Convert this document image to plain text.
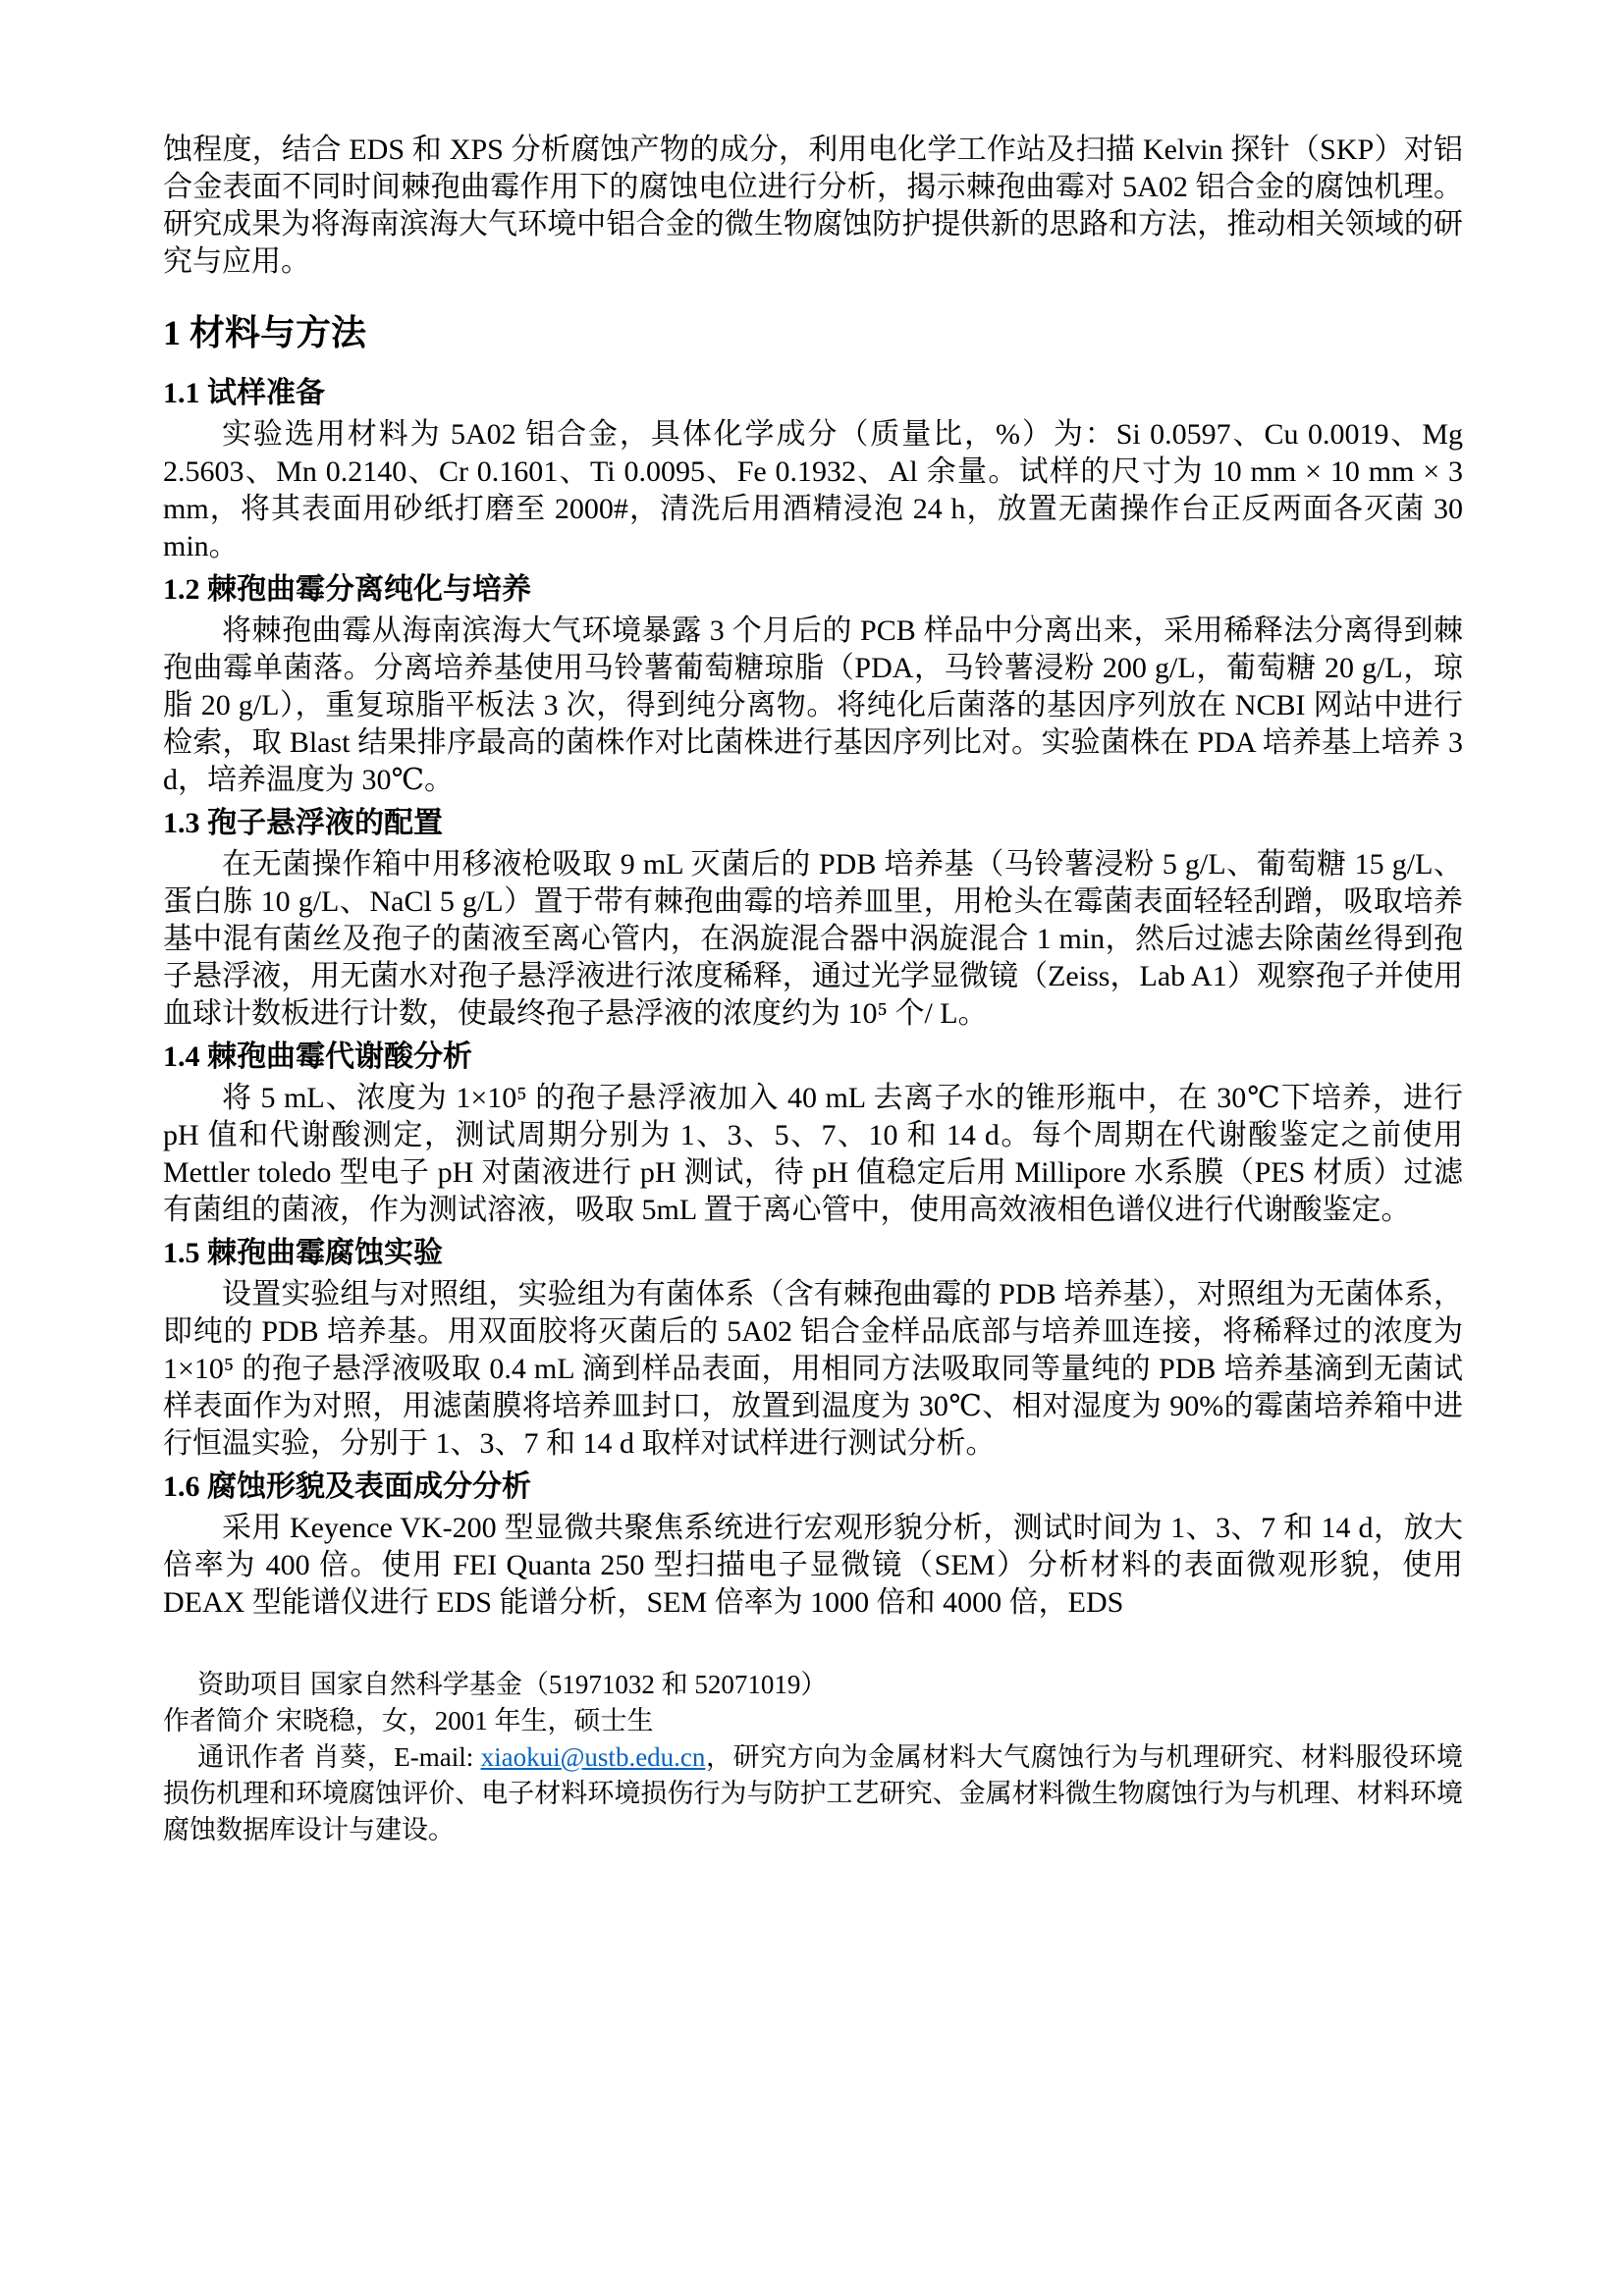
蚀程度，结合 EDS 和 XPS 分析腐蚀产物的成分，利用电化学工作站及扫描 Kelvin 探针（SKP）对铝合金表面不同时间棘孢曲霉作用下的腐蚀电位进行分析，揭示棘孢曲霉对 5A02 铝合金的腐蚀机理。研究成果为将海南滨海大气环境中铝合金的微生物腐蚀防护提供新的思路和方法，推动相关领域的研究与应用。

1 材料与方法
1.1 试样准备

实验选用材料为 5A02 铝合金，具体化学成分（质量比，%）为：Si 0.0597、Cu 0.0019、Mg 2.5603、Mn 0.2140、Cr 0.1601、Ti 0.0095、Fe 0.1932、Al 余量。试样的尺寸为 10 mm × 10 mm × 3 mm，将其表面用砂纸打磨至 2000#，清洗后用酒精浸泡 24 h，放置无菌操作台正反两面各灭菌 30 min。

1.2 棘孢曲霉分离纯化与培养

将棘孢曲霉从海南滨海大气环境暴露 3 个月后的 PCB 样品中分离出来，采用稀释法分离得到棘孢曲霉单菌落。分离培养基使用马铃薯葡萄糖琼脂（PDA，马铃薯浸粉 200 g/L，葡萄糖 20 g/L，琼脂 20 g/L），重复琼脂平板法 3 次，得到纯分离物。将纯化后菌落的基因序列放在 NCBI 网站中进行检索，取 Blast 结果排序最高的菌株作对比菌株进行基因序列比对。实验菌株在 PDA 培养基上培养 3 d，培养温度为 30℃。

1.3 孢子悬浮液的配置

在无菌操作箱中用移液枪吸取 9 mL 灭菌后的 PDB 培养基（马铃薯浸粉 5 g/L、葡萄糖 15 g/L、蛋白胨 10 g/L、NaCl 5 g/L）置于带有棘孢曲霉的培养皿里，用枪头在霉菌表面轻轻刮蹭，吸取培养基中混有菌丝及孢子的菌液至离心管内，在涡旋混合器中涡旋混合 1 min，然后过滤去除菌丝得到孢子悬浮液，用无菌水对孢子悬浮液进行浓度稀释，通过光学显微镜（Zeiss，Lab A1）观察孢子并使用血球计数板进行计数，使最终孢子悬浮液的浓度约为 10⁵ 个/ L。

1.4 棘孢曲霉代谢酸分析

将 5 mL、浓度为 1×10⁵ 的孢子悬浮液加入 40 mL 去离子水的锥形瓶中，在 30℃下培养，进行 pH 值和代谢酸测定，测试周期分别为 1、3、5、7、10 和 14 d。每个周期在代谢酸鉴定之前使用 Mettler toledo 型电子 pH 对菌液进行 pH 测试，待 pH 值稳定后用 Millipore 水系膜（PES 材质）过滤有菌组的菌液，作为测试溶液，吸取 5mL 置于离心管中，使用高效液相色谱仪进行代谢酸鉴定。

1.5 棘孢曲霉腐蚀实验

设置实验组与对照组，实验组为有菌体系（含有棘孢曲霉的 PDB 培养基），对照组为无菌体系，即纯的 PDB 培养基。用双面胶将灭菌后的 5A02 铝合金样品底部与培养皿连接，将稀释过的浓度为 1×10⁵ 的孢子悬浮液吸取 0.4 mL 滴到样品表面，用相同方法吸取同等量纯的 PDB 培养基滴到无菌试样表面作为对照，用滤菌膜将培养皿封口，放置到温度为 30℃、相对湿度为 90%的霉菌培养箱中进行恒温实验，分别于 1、3、7 和 14 d 取样对试样进行测试分析。

1.6 腐蚀形貌及表面成分分析

采用 Keyence VK-200 型显微共聚焦系统进行宏观形貌分析，测试时间为 1、3、7 和 14 d，放大倍率为 400 倍。使用 FEI Quanta 250 型扫描电子显微镜（SEM）分析材料的表面微观形貌，使用 DEAX 型能谱仪进行 EDS 能谱分析，SEM 倍率为 1000 倍和 4000 倍，EDS

资助项目 国家自然科学基金（51971032 和 52071019）

作者简介 宋晓稳，女，2001 年生，硕士生

通讯作者 肖葵，E-mail: xiaokui@ustb.edu.cn，研究方向为金属材料大气腐蚀行为与机理研究、材料服役环境损伤机理和环境腐蚀评价、电子材料环境损伤行为与防护工艺研究、金属材料微生物腐蚀行为与机理、材料环境腐蚀数据库设计与建设。
